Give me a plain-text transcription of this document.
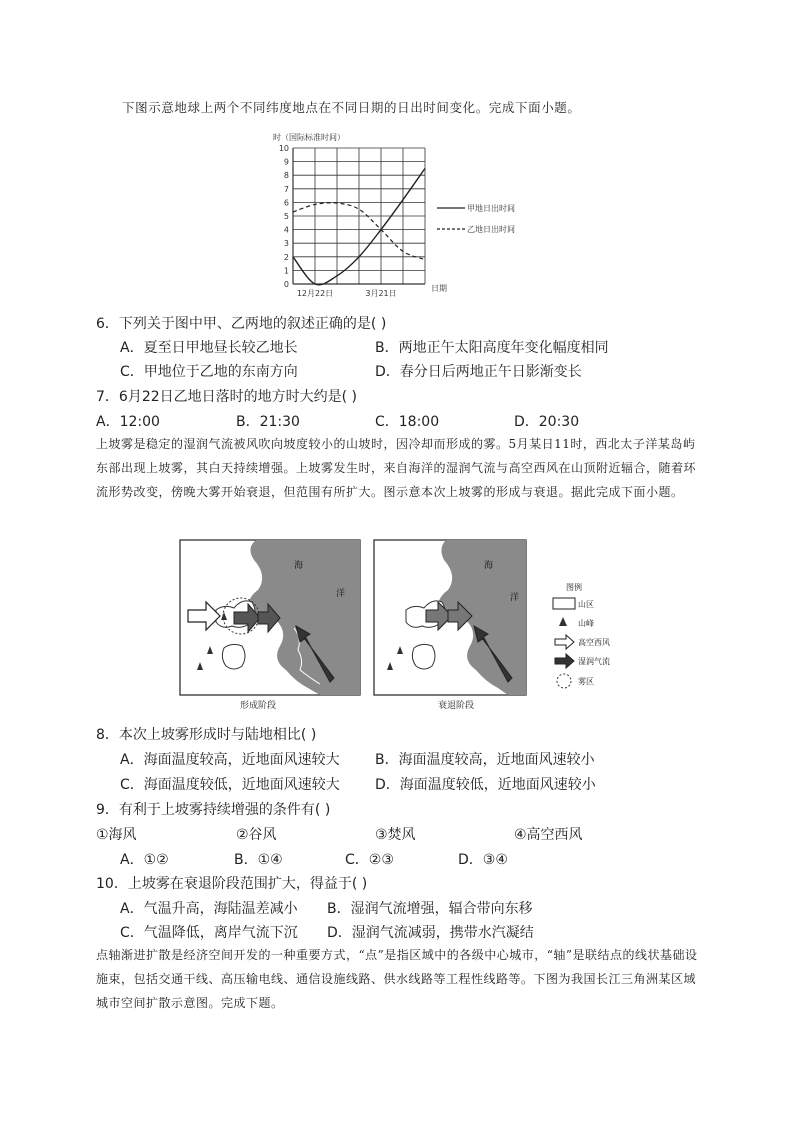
下图示意地球上两个不同纬度地点在不同日期的日出时间变化。完成下面小题。
时（国际标准时间）
0
1
2
3
4
5
6
7
8
9
10
12月22日	3月21日
日期
甲地日出时间
乙地日出时间
6．下列关于图中甲、乙两地的叙述正确的是( )
A．夏至日甲地昼长较乙地长	B．两地正午太阳高度年变化幅度相同
C．甲地位于乙地的东南方向	D．春分日后两地正午日影渐变长
7．6月22日乙地日落时的地方时大约是( )
A．12:00	B．21:30	C．18:00	D．20:30
上坡雾是稳定的湿润气流被风吹向坡度较小的山坡时，因冷却而形成的雾。5月某日11时，西北太子洋某岛屿东部出现上坡雾，其白天持续增强。上坡雾发生时，来自海洋的湿润气流与高空西风在山顶附近辐合，随着环流形势改变，傍晚大雾开始衰退，但范围有所扩大。图示意本次上坡雾的形成与衰退。据此完成下面小题。
海
洋
形成阶段
海
洋
衰退阶段
图例
山区
山峰
高空西风
湿润气流
雾区
8．本次上坡雾形成时与陆地相比( )
A．海面温度较高，近地面风速较大	B．海面温度较高，近地面风速较小
C．海面温度较低，近地面风速较大	D．海面温度较低，近地面风速较小
9．有利于上坡雾持续增强的条件有( )
①海风	②谷风	③焚风	④高空西风
A．①②	B．①④	C．②③	D．③④
10．上坡雾在衰退阶段范围扩大，得益于( )
A．气温升高，海陆温差减小 B．湿润气流增强，辐合带向东移
C．气温降低，离岸气流下沉 D．湿润气流减弱，携带水汽凝结
点轴渐进扩散是经济空间开发的一种重要方式，“点”是指区域中的各级中心城市，“轴”是联结点的线状基础设施束，包括交通干线、高压输电线、通信设施线路、供水线路等工程性线路等。下图为我国长江三角洲某区域城市空间扩散示意图。完成下题。
